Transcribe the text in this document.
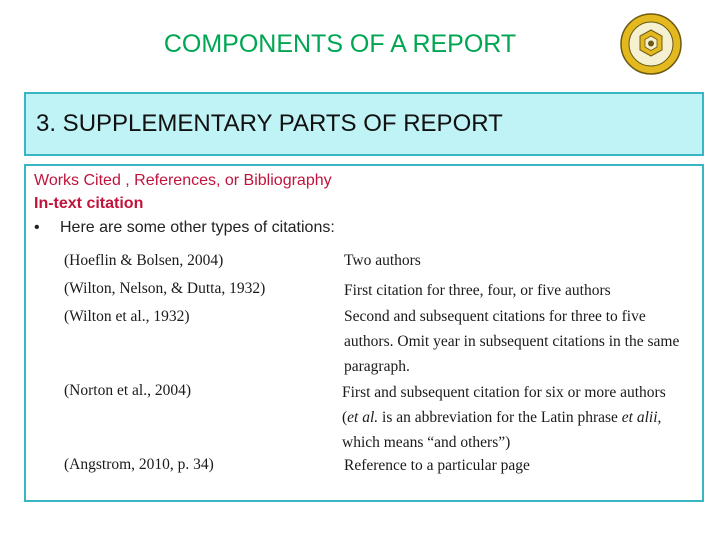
COMPONENTS OF A REPORT
3. SUPPLEMENTARY PARTS OF REPORT
Works Cited , References, or Bibliography
In-text citation
• Here are some other types of citations:
(Hoeflin & Bolsen, 2004)	Two authors
(Wilton, Nelson, & Dutta, 1932)	First citation for three, four, or five authors
(Wilton et al., 1932)	Second and subsequent citations for three to five authors. Omit year in subsequent citations in the same paragraph.
(Norton et al., 2004)	First and subsequent citation for six or more authors (et al. is an abbreviation for the Latin phrase et alii, which means “and others”)
(Angstrom, 2010, p. 34)	Reference to a particular page
